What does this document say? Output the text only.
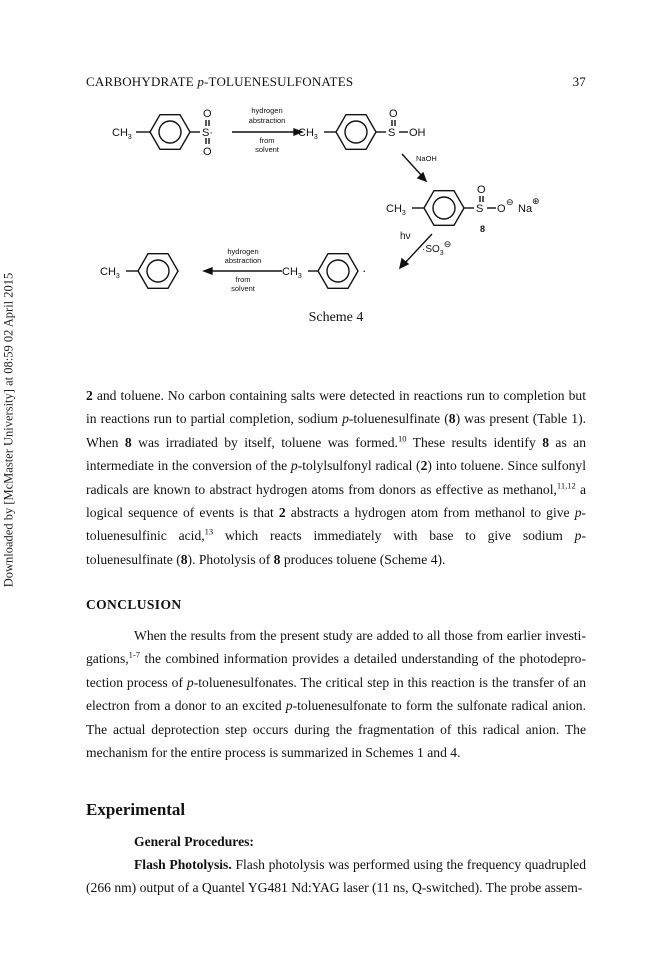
Downloaded by [McMaster University] at 08:59 02 April 2015
CARBOHYDRATE p-TOLUENESULFONATES	37
$CH_3$
O
S·
O
hydrogen
abstraction
from
solvent
$CH_3$
O
S OH
NaOH
$CH_3$
O
S O
⊖
Na
⊕
8
hν
$\cdot SO_3⊖$
$CH_3$	·
hydrogen
abstraction
from
solvent
$CH_3$
Scheme 4
2 and toluene. No carbon containing salts were detected in reactions run to completion but in reactions run to partial completion, sodium p-toluenesulfinate (8) was present (Table 1). When 8 was irradiated by itself, toluene was formed.$^{10}$ These results identify 8 as an intermediate in the conversion of the p-tolylsulfonyl radical (2) into toluene. Since sulfonyl radicals are known to abstract hydrogen atoms from donors as effective as methanol,$^{11,12}$ a logical sequence of events is that 2 abstracts a hydrogen atom from methanol to give p-toluenesulfinic acid,$^{13}$ which reacts immediately with base to give sodium p-toluenesulfinate (8). Photolysis of 8 produces toluene (Scheme 4).
CONCLUSION
When the results from the present study are added to all those from earlier investi- gations,$^{1-7}$ the combined information provides a detailed understanding of the photodepro- tection process of p-toluenesulfonates. The critical step in this reaction is the transfer of an electron from a donor to an excited p-toluenesulfonate to form the sulfonate radical anion. The actual deprotection step occurs during the fragmentation of this radical anion. The mechanism for the entire process is summarized in Schemes 1 and 4.
Experimental
General Procedures:
Flash Photolysis. Flash photolysis was performed using the frequency quadrupled (266 nm) output of a Quantel YG481 Nd:YAG laser (11 ns, Q-switched). The probe assem-
